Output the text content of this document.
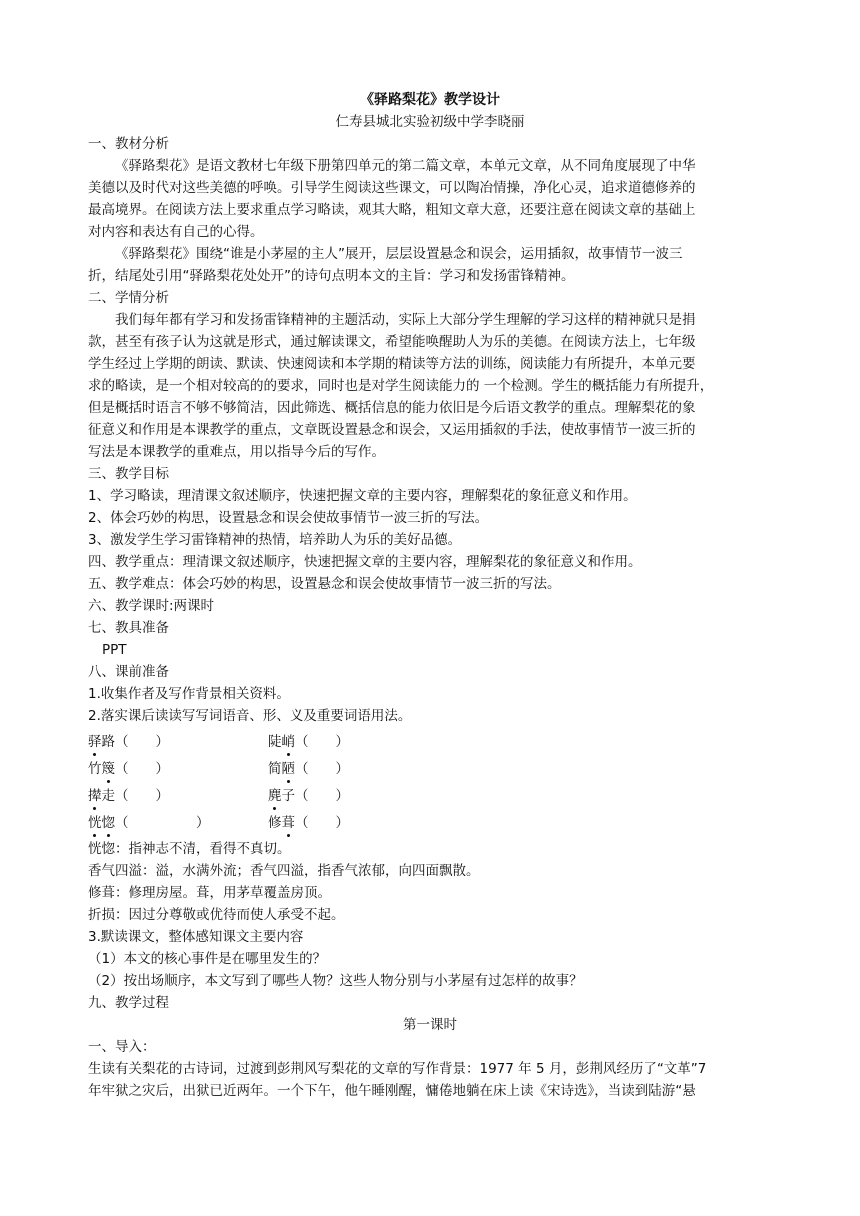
《驿路梨花》教学设计
仁寿县城北实验初级中学李晓丽
一、教材分析
《驿路梨花》是语文教材七年级下册第四单元的第二篇文章，本单元文章，从不同角度展现了中华
美德以及时代对这些美德的呼唤。引导学生阅读这些课文，可以陶冶情操，净化心灵，追求道德修养的
最高境界。在阅读方法上要求重点学习略读，观其大略，粗知文章大意，还要注意在阅读文章的基础上
对内容和表达有自己的心得。
《驿路梨花》围绕“谁是小茅屋的主人”展开，层层设置悬念和误会，运用插叙，故事情节一波三
折，结尾处引用“驿路梨花处处开”的诗句点明本文的主旨：学习和发扬雷锋精神。
二、学情分析
我们每年都有学习和发扬雷锋精神的主题活动，实际上大部分学生理解的学习这样的精神就只是捐
款，甚至有孩子认为这就是形式，通过解读课文，希望能唤醒助人为乐的美德。在阅读方法上，七年级
学生经过上学期的朗读、默读、快速阅读和本学期的精读等方法的训练，阅读能力有所提升，本单元要
求的略读，是一个相对较高的的要求，同时也是对学生阅读能力的 一个检测。学生的概括能力有所提升，
但是概括时语言不够不够简洁，因此筛选、概括信息的能力依旧是今后语文教学的重点。理解梨花的象
征意义和作用是本课教学的重点，文章既设置悬念和误会，又运用插叙的手法，使故事情节一波三折的
写法是本课教学的重难点，用以指导今后的写作。
三、教学目标
1、学习略读，理清课文叙述顺序，快速把握文章的主要内容，理解梨花的象征意义和作用。
2、体会巧妙的构思，设置悬念和误会使故事情节一波三折的写法。
3、激发学生学习雷锋精神的热情，培养助人为乐的美好品德。
四、教学重点：理清课文叙述顺序，快速把握文章的主要内容，理解梨花的象征意义和作用。
五、教学难点：体会巧妙的构思，设置悬念和误会使故事情节一波三折的写法。
六、教学课时:两课时
七、教具准备
PPT
八、课前准备
1.收集作者及写作背景相关资料。
2.落实课后读读写写词语音、形、义及重要词语用法。
驿路（　　）	陡峭（　　）
竹篾（　　）	简陋（　　）
撵走（　　）	麂子（　　）
恍惚（　　　　　）	修葺（　　）
恍惚：指神志不清，看得不真切。
香气四溢：溢，水满外流；香气四溢，指香气浓郁，向四面飘散。
修葺：修理房屋。葺，用茅草覆盖房顶。
折损：因过分尊敬或优待而使人承受不起。
3.默读课文，整体感知课文主要内容
（1）本文的核心事件是在哪里发生的？
（2）按出场顺序，本文写到了哪些人物？这些人物分别与小茅屋有过怎样的故事？
九、教学过程
第一课时
一、导入：
生读有关梨花的古诗词，过渡到彭荆风写梨花的文章的写作背景：1977 年 5 月，彭荆风经历了“文革”7
年牢狱之灾后，出狱已近两年。一个下午，他午睡刚醒，慵倦地躺在床上读《宋诗选》，当读到陆游“悬
